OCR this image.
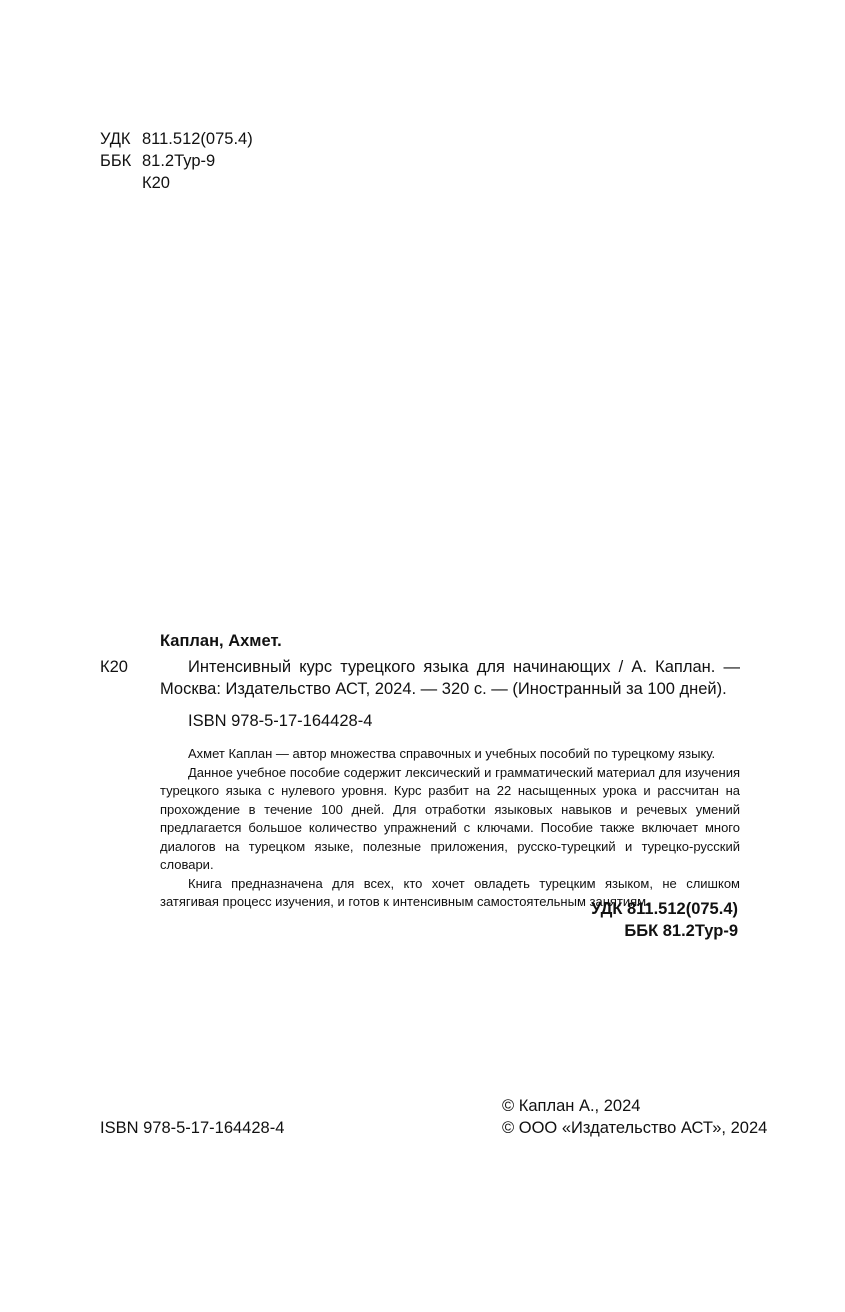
УДК 811.512(075.4)
ББК 81.2Тур-9
К20
Каплан, Ахмет.
К20	Интенсивный курс турецкого языка для начинающих / А. Каплан. — Москва: Издательство АСТ, 2024. — 320 с. — (Иностранный за 100 дней).

ISBN 978-5-17-164428-4

Ахмет Каплан — автор множества справочных и учебных пособий по турецкому языку.

Данное учебное пособие содержит лексический и грамматический материал для изучения турецкого языка с нулевого уровня. Курс разбит на 22 насыщенных урока и рассчитан на прохождение в течение 100 дней. Для отработки языковых навыков и речевых умений предлагается большое количество упражнений с ключами. Пособие также включает много диалогов на турецком языке, полезные приложения, русско-турецкий и турецко-русский словари.

Книга предназначена для всех, кто хочет овладеть турецким языком, не слишком затягивая процесс изучения, и готов к интенсивным самостоятельным занятиям.

УДК 811.512(075.4)
ББК 81.2Тур-9
ISBN 978-5-17-164428-4
© Каплан А., 2024
© ООО «Издательство АСТ», 2024
